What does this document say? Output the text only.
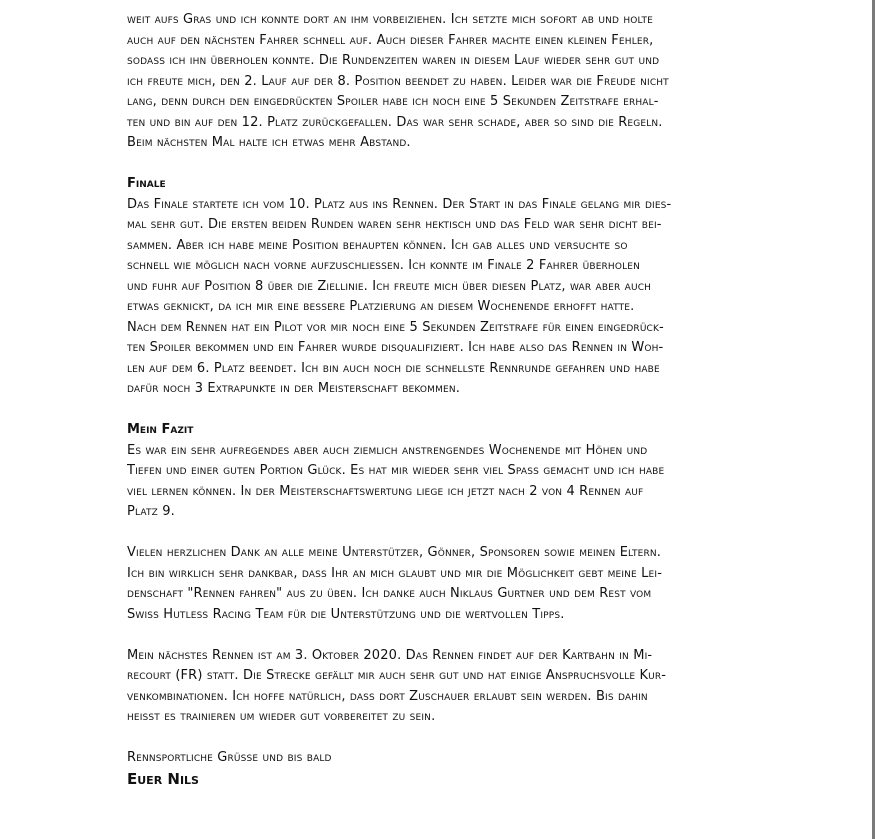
weit aufs Gras und ich konnte dort an ihm vorbeiziehen. Ich setzte mich sofort ab und holte
auch auf den nächsten Fahrer schnell auf. Auch dieser Fahrer machte einen kleinen Fehler,
sodass ich ihn überholen konnte. Die Rundenzeiten waren in diesem Lauf wieder sehr gut und
ich freute mich, den 2. Lauf auf der 8. Position beendet zu haben. Leider war die Freude nicht
lang, denn durch den eingedrückten Spoiler habe ich noch eine 5 Sekunden Zeitstrafe erhal-
ten und bin auf den 12. Platz zurückgefallen. Das war sehr schade, aber so sind die Regeln.
Beim nächsten Mal halte ich etwas mehr Abstand.
Finale
Das Finale startete ich vom 10. Platz aus ins Rennen. Der Start in das Finale gelang mir dies-
mal sehr gut. Die ersten beiden Runden waren sehr hektisch und das Feld war sehr dicht bei-
sammen. Aber ich habe meine Position behaupten können. Ich gab alles und versuchte so
schnell wie möglich nach vorne aufzuschliessen. Ich konnte im Finale 2 Fahrer überholen
und fuhr auf Position 8 über die Ziellinie. Ich freute mich über diesen Platz, war aber auch
etwas geknickt, da ich mir eine bessere Platzierung an diesem Wochenende erhofft hatte.
Nach dem Rennen hat ein Pilot vor mir noch eine 5 Sekunden Zeitstrafe für einen eingedrück-
ten Spoiler bekommen und ein Fahrer wurde disqualifiziert. Ich habe also das Rennen in Woh-
len auf dem 6. Platz beendet. Ich bin auch noch die schnellste Rennrunde gefahren und habe
dafür noch 3 Extrapunkte in der Meisterschaft bekommen.
Mein Fazit
Es war ein sehr aufregendes aber auch ziemlich anstrengendes Wochenende mit Höhen und
Tiefen und einer guten Portion Glück. Es hat mir wieder sehr viel Spass gemacht und ich habe
viel lernen können. In der Meisterschaftswertung liege ich jetzt nach 2 von 4 Rennen auf
Platz 9.
Vielen herzlichen Dank an alle meine Unterstützer, Gönner, Sponsoren sowie meinen Eltern.
Ich bin wirklich sehr dankbar, dass Ihr an mich glaubt und mir die Möglichkeit gebt meine Lei-
denschaft "Rennen fahren" aus zu üben. Ich danke auch Niklaus Gurtner und dem Rest vom
Swiss Hutless Racing Team für die Unterstützung und die wertvollen Tipps.
Mein nächstes Rennen ist am 3. Oktober 2020. Das Rennen findet auf der Kartbahn in Mi-
recourt (FR) statt. Die Strecke gefällt mir auch sehr gut und hat einige Anspruchsvolle Kur-
venkombinationen. Ich hoffe natürlich, dass dort Zuschauer erlaubt sein werden. Bis dahin
heisst es trainieren um wieder gut vorbereitet zu sein.
Rennsportliche Grüsse und bis bald
Euer Nils
